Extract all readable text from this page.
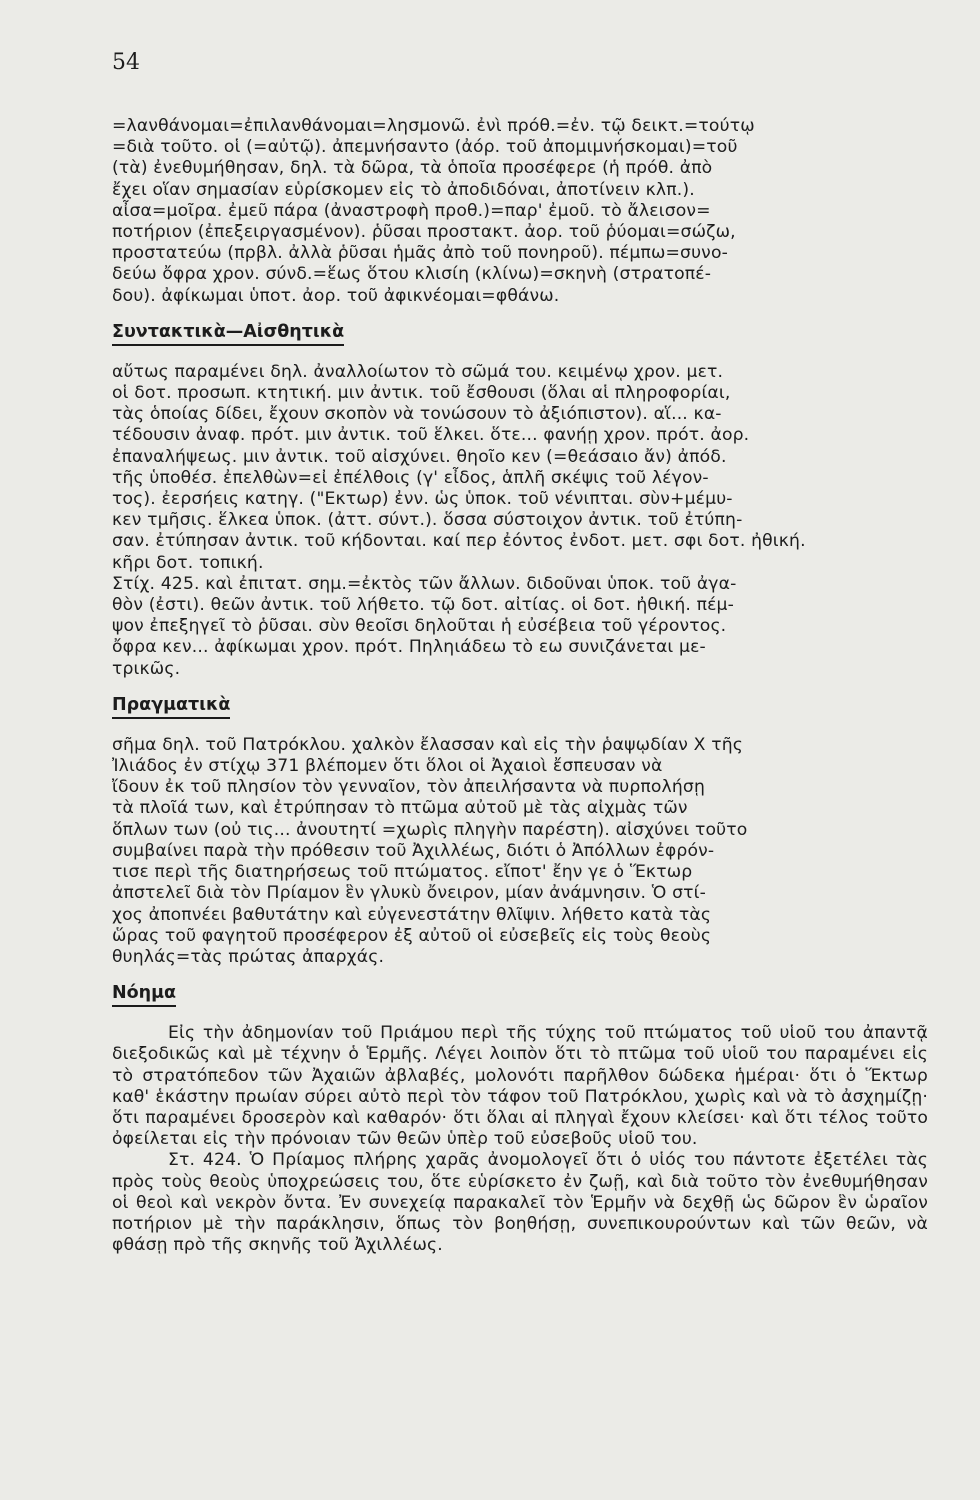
54

=λανθάνομαι=ἐπιλανθάνομαι=λησμονῶ. ἐνὶ πρόθ.=ἐν. τῷ δεικτ.=τούτῳ

=διὰ τοῦτο. οἱ (=αὐτῷ). ἀπεμνήσαντο (ἀόρ. τοῦ ἀπομιμνήσκομαι)=τοῦ

(τὰ) ἐνεθυμήθησαν, δηλ. τὰ δῶρα, τὰ ὁποῖα προσέφερε (ἡ πρόθ. ἀπὸ

ἔχει οἵαν σημασίαν εὑρίσκομεν εἰς τὸ ἀποδιδόναι, ἀποτίνειν κλπ.).

αἶσα=μοῖρα. ἐμεῦ πάρα (ἀναστροφὴ προθ.)=παρ' ἐμοῦ. τὸ ἄλεισον=

ποτήριον (ἐπεξειργασμένον). ῥῦσαι προστακτ. ἀορ. τοῦ ῥύομαι=σώζω,

προστατεύω (πρβλ. ἀλλὰ ῥῦσαι ἡμᾶς ἀπὸ τοῦ πονηροῦ). πέμπω=συνο-

δεύω ὄφρα χρον. σύνδ.=ἕως ὅτου κλισίη (κλίνω)=σκηνὴ (στρατοπέ-

δου). ἀφίκωμαι ὑποτ. ἀορ. τοῦ ἀφικνέομαι=φθάνω.

Συντακτικὰ—Αἰσθητικὰ

αὔτως παραμένει δηλ. ἀναλλοίωτον τὸ σῶμά του. κειμένῳ χρον. μετ.

οἱ δοτ. προσωπ. κτητική. μιν ἀντικ. τοῦ ἔσθουσι (ὅλαι αἱ πληροφορίαι,

τὰς ὁποίας δίδει, ἔχουν σκοπὸν νὰ τονώσουν τὸ ἀξιόπιστον). αἵ... κα-

τέδουσιν ἀναφ. πρότ. μιν ἀντικ. τοῦ ἕλκει. ὅτε... φανήῃ χρον. πρότ. ἀορ.

ἐπαναλήψεως. μιν ἀντικ. τοῦ αἰσχύνει. θηοῖο κεν (=θεάσαιο ἄν) ἀπόδ.

τῆς ὑποθέσ. ἐπελθὼν=εἰ ἐπέλθοις (γ' εἶδος, ἁπλῆ σκέψις τοῦ λέγον-

τος). ἐερσήεις κατηγ. ("Εκτωρ) ἐνν. ὡς ὑποκ. τοῦ νένιπται. σὺν+μέμυ-

κεν τμῆσις. ἕλκεα ὑποκ. (ἀττ. σύντ.). ὅσσα σύστοιχον ἀντικ. τοῦ ἐτύπη-

σαν. ἐτύπησαν ἀντικ. τοῦ κήδονται. καί περ ἐόντος ἐνδοτ. μετ. σφι δοτ. ἠθική.

κῆρι δοτ. τοπική.

Στίχ. 425. καὶ ἐπιτατ. σημ.=ἐκτὸς τῶν ἄλλων. διδοῦναι ὑποκ. τοῦ ἀγα-

θὸν (ἐστι). θεῶν ἀντικ. τοῦ λήθετο. τῷ δοτ. αἰτίας. οἱ δοτ. ἠθική. πέμ-

ψον ἐπεξηγεῖ τὸ ῥῦσαι. σὺν θεοῖσι δηλοῦται ἡ εὐσέβεια τοῦ γέροντος.

ὄφρα κεν... ἀφίκωμαι χρον. πρότ. Πηληιάδεω τὸ εω συνιζάνεται με-

τρικῶς.

Πραγματικὰ

σῆμα δηλ. τοῦ Πατρόκλου. χαλκὸν ἔλασσαν καὶ εἰς τὴν ῥαψῳδίαν Χ τῆς

Ἰλιάδος ἐν στίχῳ 371 βλέπομεν ὅτι ὅλοι οἱ Ἀχαιοὶ ἔσπευσαν νὰ

ἴδουν ἐκ τοῦ πλησίον τὸν γενναῖον, τὸν ἀπειλήσαντα νὰ πυρπολήσῃ

τὰ πλοῖά των, καὶ ἐτρύπησαν τὸ πτῶμα αὐτοῦ μὲ τὰς αἰχμὰς τῶν

ὅπλων των (οὐ τις... ἀνουτητί =χωρὶς πληγὴν παρέστη). αἰσχύνει τοῦτο

συμβαίνει παρὰ τὴν πρόθεσιν τοῦ Ἀχιλλέως, διότι ὁ Ἀπόλλων ἐφρόν-

τισε περὶ τῆς διατηρήσεως τοῦ πτώματος. εἴποτ' ἔην γε ὁ Ἕκτωρ

ἀπστελεῖ διὰ τὸν Πρίαμον ἓν γλυκὺ ὄνειρον, μίαν ἀνάμνησιν. Ὁ στί-

χος ἀποπνέει βαθυτάτην καὶ εὐγενεστάτην θλῖψιν. λήθετο κατὰ τὰς

ὥρας τοῦ φαγητοῦ προσέφερον ἐξ αὐτοῦ οἱ εὐσεβεῖς εἰς τοὺς θεοὺς

θυηλάς=τὰς πρώτας ἀπαρχάς.

Νόημα

Εἰς τὴν ἀδημονίαν τοῦ Πριάμου περὶ τῆς τύχης τοῦ πτώματος τοῦ υἱοῦ του ἀπαντᾷ διεξοδικῶς καὶ μὲ τέχνην ὁ Ἑρμῆς. Λέγει λοιπὸν ὅτι τὸ πτῶμα τοῦ υἱοῦ του παραμένει εἰς τὸ στρατόπεδον τῶν Ἀχαιῶν ἀβλαβές, μολονότι παρῆλθον δώδεκα ἡμέραι· ὅτι ὁ Ἕκτωρ καθ' ἑκάστην πρωίαν σύρει αὐτὸ περὶ τὸν τάφον τοῦ Πατρόκλου, χωρὶς καὶ νὰ τὸ ἀσχημίζῃ· ὅτι παραμένει δροσερὸν καὶ καθαρόν· ὅτι ὅλαι αἱ πληγαὶ ἔχουν κλείσει· καὶ ὅτι τέλος τοῦτο ὀφείλεται εἰς τὴν πρόνοιαν τῶν θεῶν ὑπὲρ τοῦ εὐσεβοῦς υἱοῦ του.

Στ. 424. Ὁ Πρίαμος πλήρης χαρᾶς ἀνομολογεῖ ὅτι ὁ υἱός του πάντοτε ἐξετέλει τὰς πρὸς τοὺς θεοὺς ὑποχρεώσεις του, ὅτε εὑρίσκετο ἐν ζωῇ, καὶ διὰ τοῦτο τὸν ἐνεθυμήθησαν οἱ θεοὶ καὶ νεκρὸν ὄντα. Ἐν συνεχείᾳ παρακαλεῖ τὸν Ἑρμῆν νὰ δεχθῇ ὡς δῶρον ἓν ὡραῖον ποτήριον μὲ τὴν παράκλησιν, ὅπως τὸν βοηθήσῃ, συνεπικουρούντων καὶ τῶν θεῶν, νὰ φθάσῃ πρὸ τῆς σκηνῆς τοῦ Ἀχιλλέως.
